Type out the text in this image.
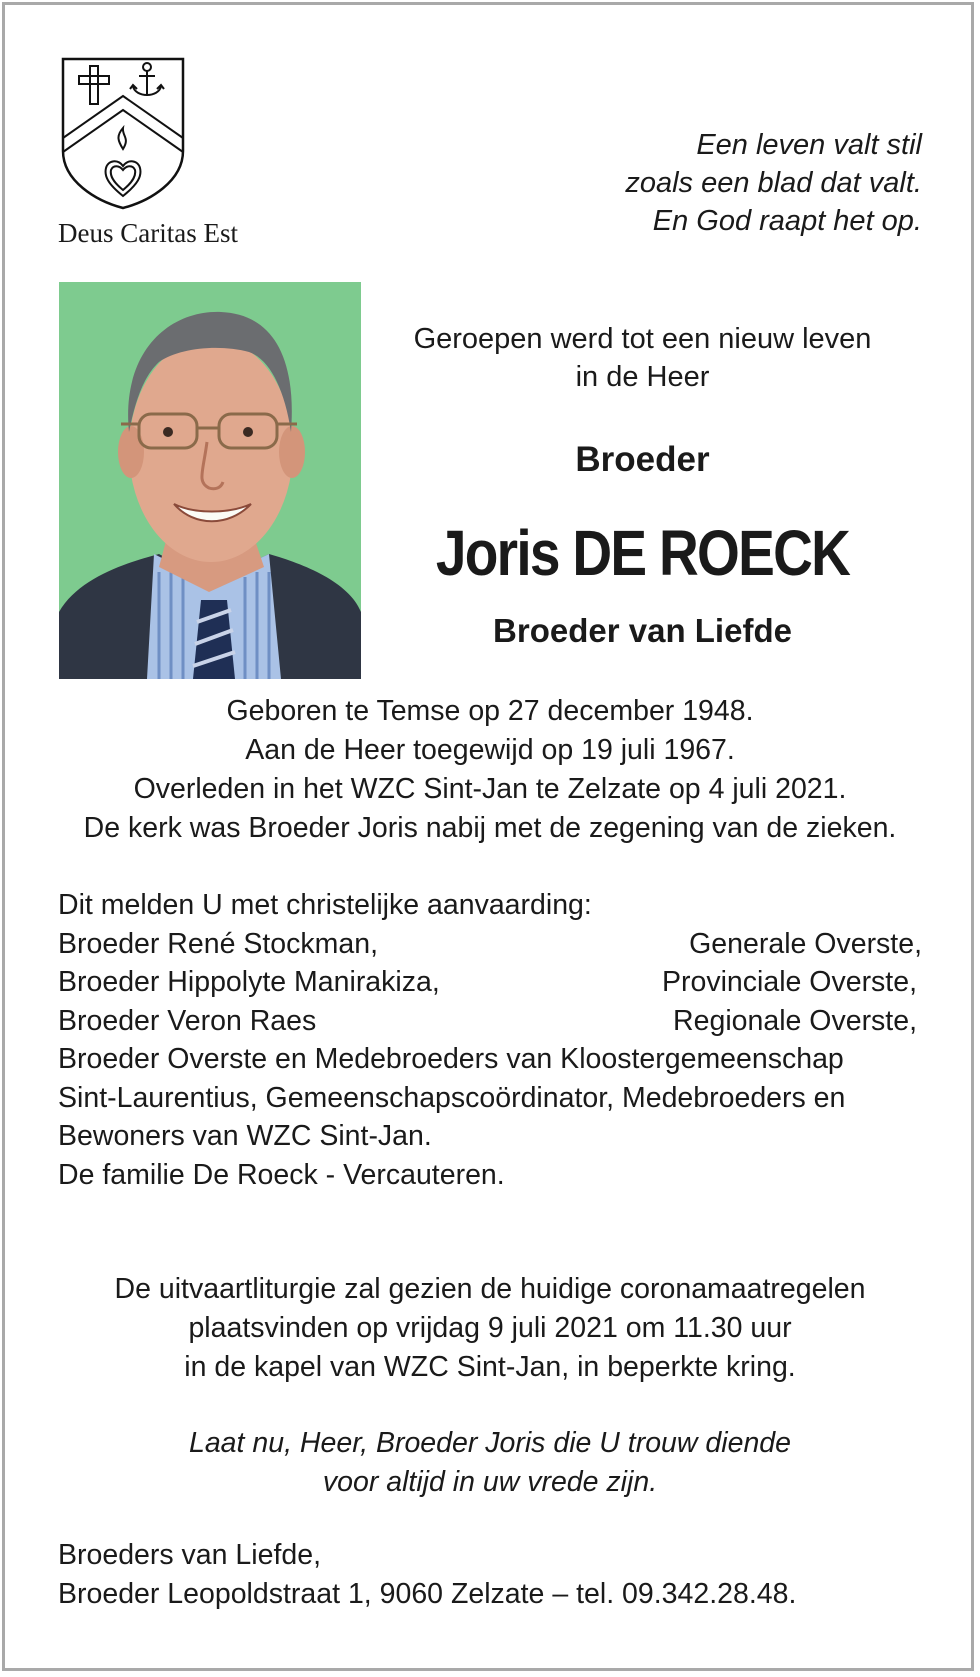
Deus Caritas Est
Een leven valt stil
zoals een blad dat valt.
En God raapt het op.
Geroepen werd tot een nieuw leven
in de Heer
Broeder
Joris DE ROECK
Broeder van Liefde
Geboren te Temse op 27 december 1948.
Aan de Heer toegewijd op 19 juli 1967.
Overleden in het WZC Sint-Jan te Zelzate op 4 juli 2021.
De kerk was Broeder Joris nabij met de zegening van de zieken.
Dit melden U met christelijke aanvaarding:
Broeder René Stockman,	Generale Overste,
Broeder Hippolyte Manirakiza,	Provinciale Overste,
Broeder Veron Raes	Regionale Overste,
Broeder Overste en Medebroeders van Kloostergemeenschap
Sint-Laurentius, Gemeenschapscoördinator, Medebroeders en
Bewoners van WZC Sint-Jan.
De familie De Roeck - Vercauteren.
De uitvaartliturgie zal gezien de huidige coronamaatregelen
plaatsvinden op vrijdag 9 juli 2021 om 11.30 uur
in de kapel van WZC Sint-Jan, in beperkte kring.
Laat nu, Heer, Broeder Joris die U trouw diende
voor altijd in uw vrede zijn.
Broeders van Liefde,
Broeder Leopoldstraat 1, 9060 Zelzate – tel. 09.342.28.48.
